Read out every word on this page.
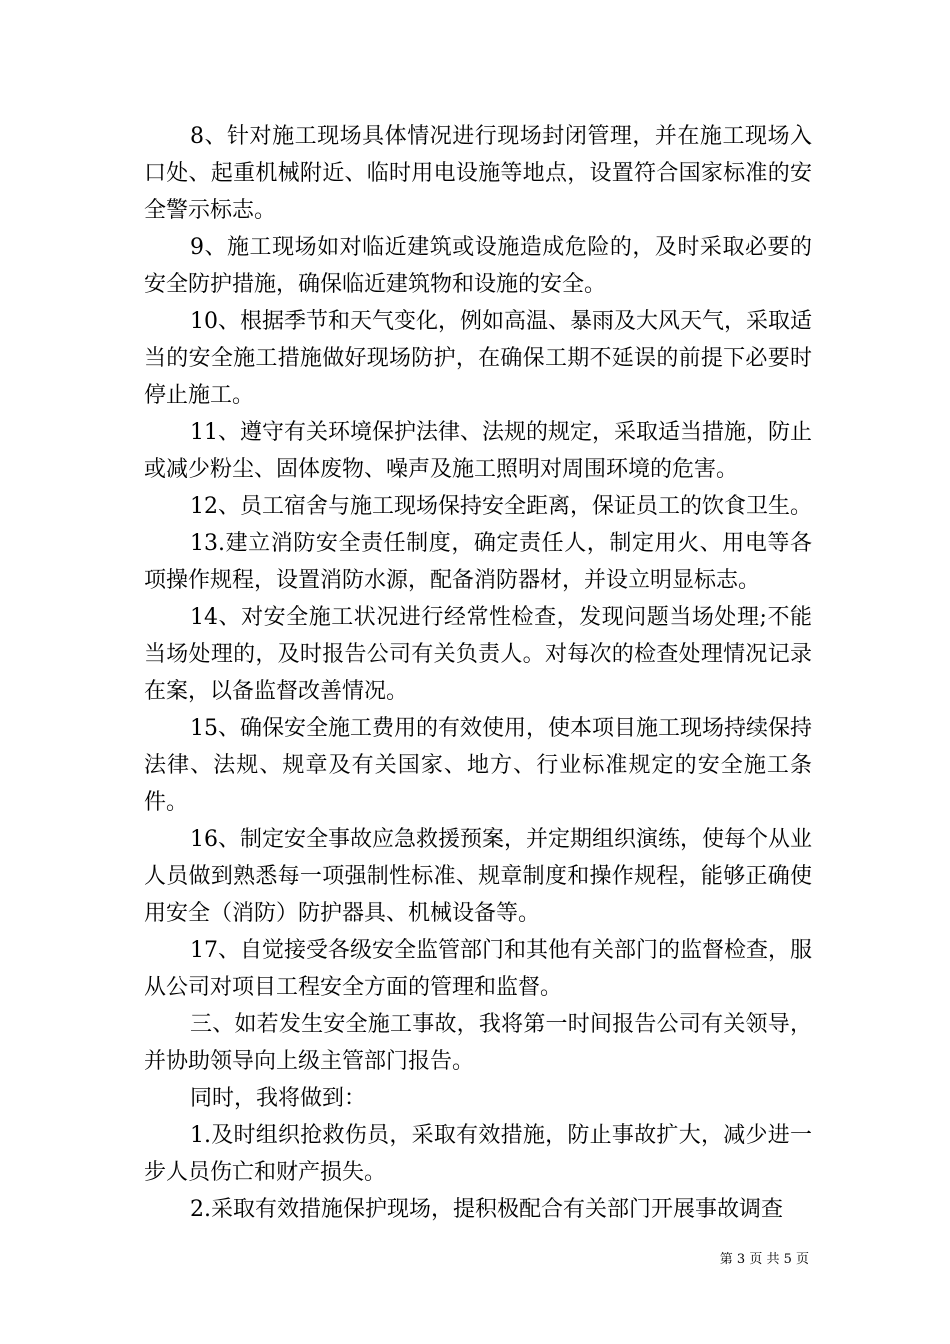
8、针对施工现场具体情况进行现场封闭管理，并在施工现场入口处、起重机械附近、临时用电设施等地点，设置符合国家标准的安全警示标志。

9、施工现场如对临近建筑或设施造成危险的，及时采取必要的安全防护措施，确保临近建筑物和设施的安全。

10、根据季节和天气变化，例如高温、暴雨及大风天气，采取适当的安全施工措施做好现场防护，在确保工期不延误的前提下必要时停止施工。

11、遵守有关环境保护法律、法规的规定，采取适当措施，防止或减少粉尘、固体废物、噪声及施工照明对周围环境的危害。

12、员工宿舍与施工现场保持安全距离，保证员工的饮食卫生。

13.建立消防安全责任制度，确定责任人，制定用火、用电等各项操作规程，设置消防水源，配备消防器材，并设立明显标志。

14、对安全施工状况进行经常性检查，发现问题当场处理;不能当场处理的，及时报告公司有关负责人。对每次的检查处理情况记录在案，以备监督改善情况。

15、确保安全施工费用的有效使用，使本项目施工现场持续保持法律、法规、规章及有关国家、地方、行业标准规定的安全施工条件。

16、制定安全事故应急救援预案，并定期组织演练，使每个从业人员做到熟悉每一项强制性标准、规章制度和操作规程，能够正确使用安全（消防）防护器具、机械设备等。

17、自觉接受各级安全监管部门和其他有关部门的监督检查，服从公司对项目工程安全方面的管理和监督。

三、如若发生安全施工事故，我将第一时间报告公司有关领导，并协助领导向上级主管部门报告。

同时，我将做到：

1.及时组织抢救伤员，采取有效措施，防止事故扩大，减少进一步人员伤亡和财产损失。

2.采取有效措施保护现场，提积极配合有关部门开展事故调查

第 3 页 共 5 页
